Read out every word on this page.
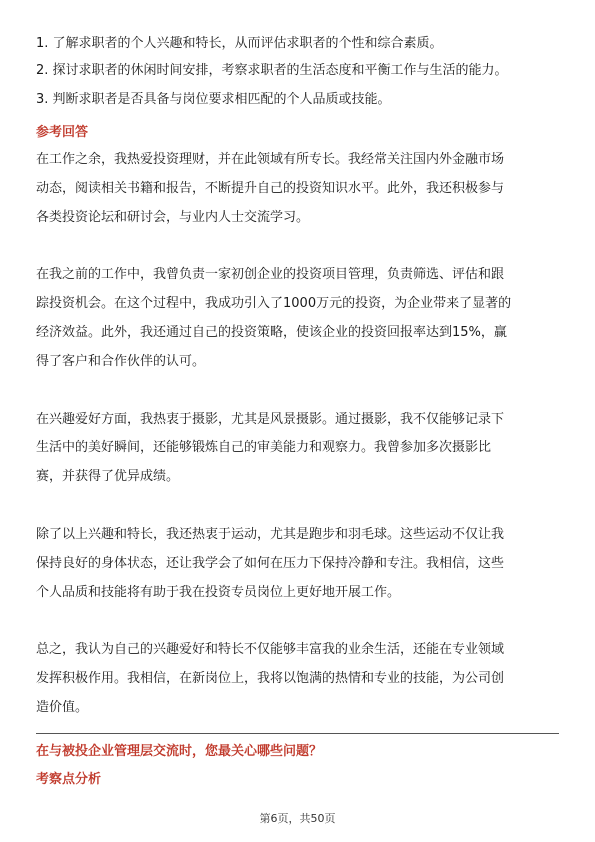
1. 了解求职者的个人兴趣和特长，从而评估求职者的个性和综合素质。
2. 探讨求职者的休闲时间安排，考察求职者的生活态度和平衡工作与生活的能力。
3. 判断求职者是否具备与岗位要求相匹配的个人品质或技能。
参考回答
在工作之余，我热爱投资理财，并在此领域有所专长。我经常关注国内外金融市场
动态，阅读相关书籍和报告，不断提升自己的投资知识水平。此外，我还积极参与
各类投资论坛和研讨会，与业内人士交流学习。
在我之前的工作中，我曾负责一家初创企业的投资项目管理，负责筛选、评估和跟
踪投资机会。在这个过程中，我成功引入了1000万元的投资，为企业带来了显著的
经济效益。此外，我还通过自己的投资策略，使该企业的投资回报率达到15%，赢
得了客户和合作伙伴的认可。
在兴趣爱好方面，我热衷于摄影，尤其是风景摄影。通过摄影，我不仅能够记录下
生活中的美好瞬间，还能够锻炼自己的审美能力和观察力。我曾参加多次摄影比
赛，并获得了优异成绩。
除了以上兴趣和特长，我还热衷于运动，尤其是跑步和羽毛球。这些运动不仅让我
保持良好的身体状态，还让我学会了如何在压力下保持冷静和专注。我相信，这些
个人品质和技能将有助于我在投资专员岗位上更好地开展工作。
总之，我认为自己的兴趣爱好和特长不仅能够丰富我的业余生活，还能在专业领域
发挥积极作用。我相信，在新岗位上，我将以饱满的热情和专业的技能，为公司创
造价值。
在与被投企业管理层交流时，您最关心哪些问题？
考察点分析
第6页，共50页
